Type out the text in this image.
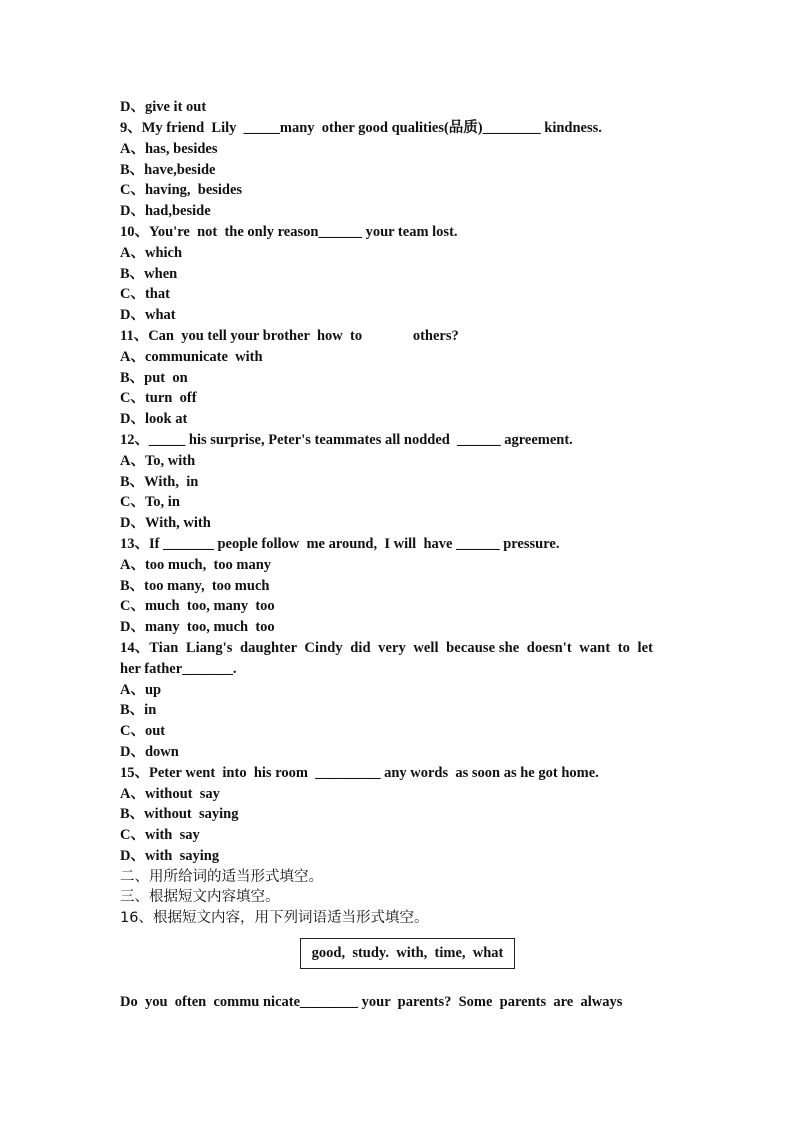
D、give it out
9、My friend  Lily  _____many  other good qualities(品质)________ kindness.
A、has, besides
B、have,beside
C、having,  besides
D、had,beside
10、You're  not  the only reason______ your team lost.
A、which
B、when
C、that
D、what
11、Can  you tell your brother  how  to              others?
A、communicate  with
B、put  on
C、turn  off
D、look at
12、_____ his surprise, Peter's teammates all nodded  ______ agreement.
A、To, with
B、With,  in
C、To, in
D、With, with
13、If _______ people follow  me around,  I will  have ______ pressure.
A、too much,  too many
B、too many,  too much
C、much  too, many  too
D、many  too, much  too
14、Tian  Liang's  daughter  Cindy  did  very  well  because she  doesn't  want  to  let
her father_______.
A、up
B、in
C、out
D、down
15、Peter went  into  his room  _________ any words  as soon as he got home.
A、without  say
B、without  saying
C、with  say
D、with  saying
二、用所给词的适当形式填空。
三、根据短文内容填空。
16、根据短文内容，用下列词语适当形式填空。
good,  study.  with,  time,  what
Do  you  often  commu nicate________ your  parents?  Some  parents  are  always
